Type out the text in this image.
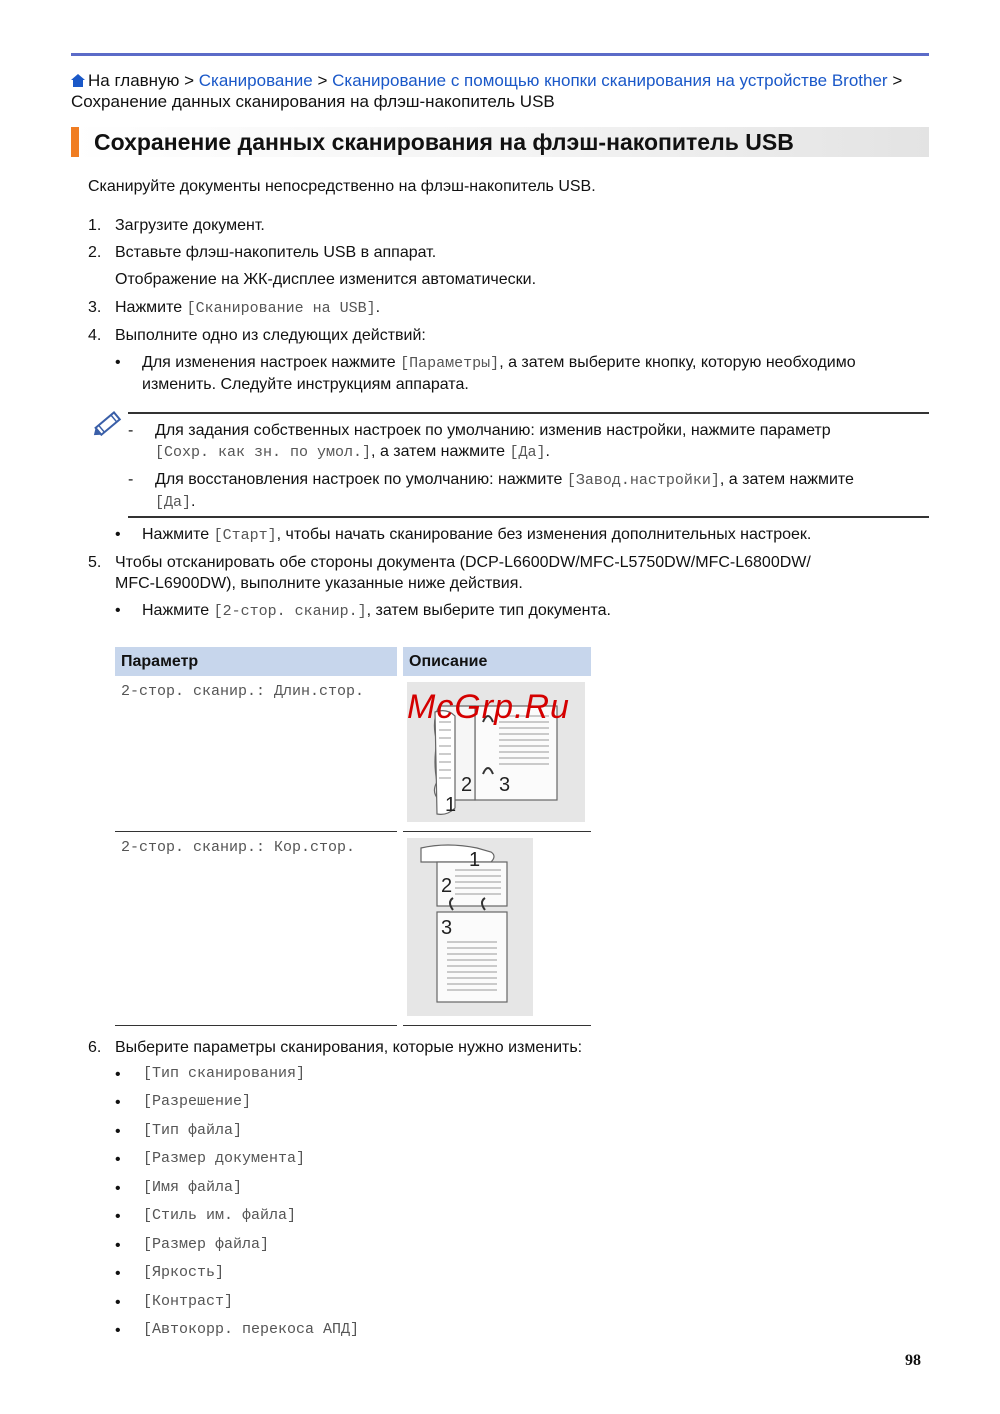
На главную > Сканирование > Сканирование с помощью кнопки сканирования на устройстве Brother > Сохранение данных сканирования на флэш-накопитель USB
Сохранение данных сканирования на флэш-накопитель USB
Сканируйте документы непосредственно на флэш-накопитель USB.
1. Загрузите документ.
2. Вставьте флэш-накопитель USB в аппарат.
Отображение на ЖК-дисплее изменится автоматически.
3. Нажмите [Сканирование на USB].
4. Выполните одно из следующих действий:
• Для изменения настроек нажмите [Параметры], а затем выберите кнопку, которую необходимо
изменить. Следуйте инструкциям аппарата.
- Для задания собственных настроек по умолчанию: изменив настройки, нажмите параметр
[Сохр. как зн. по умол.], а затем нажмите [Да].
- Для восстановления настроек по умолчанию: нажмите [Завод.настройки], а затем нажмите
[Да].
• Нажмите [Старт], чтобы начать сканирование без изменения дополнительных настроек.
5. Чтобы отсканировать обе стороны документа (DCP-L6600DW/MFC-L5750DW/MFC-L6800DW/
MFC-L6900DW), выполните указанные ниже действия.
• Нажмите [2-стор. сканир.], затем выберите тип документа.
Параметр	Описание
2-стор. сканир.: Длин.стор.	1
2 3

2-стор. сканир.: Кор.стор.	1
2
3
McGrp.Ru
6. Выберите параметры сканирования, которые нужно изменить:
• [Тип сканирования]
• [Разрешение]
• [Тип файла]
• [Размер документа]
• [Имя файла]
• [Стиль им. файла]
• [Размер файла]
• [Яркость]
• [Контраст]
• [Автокорр. перекоса АПД]
98
